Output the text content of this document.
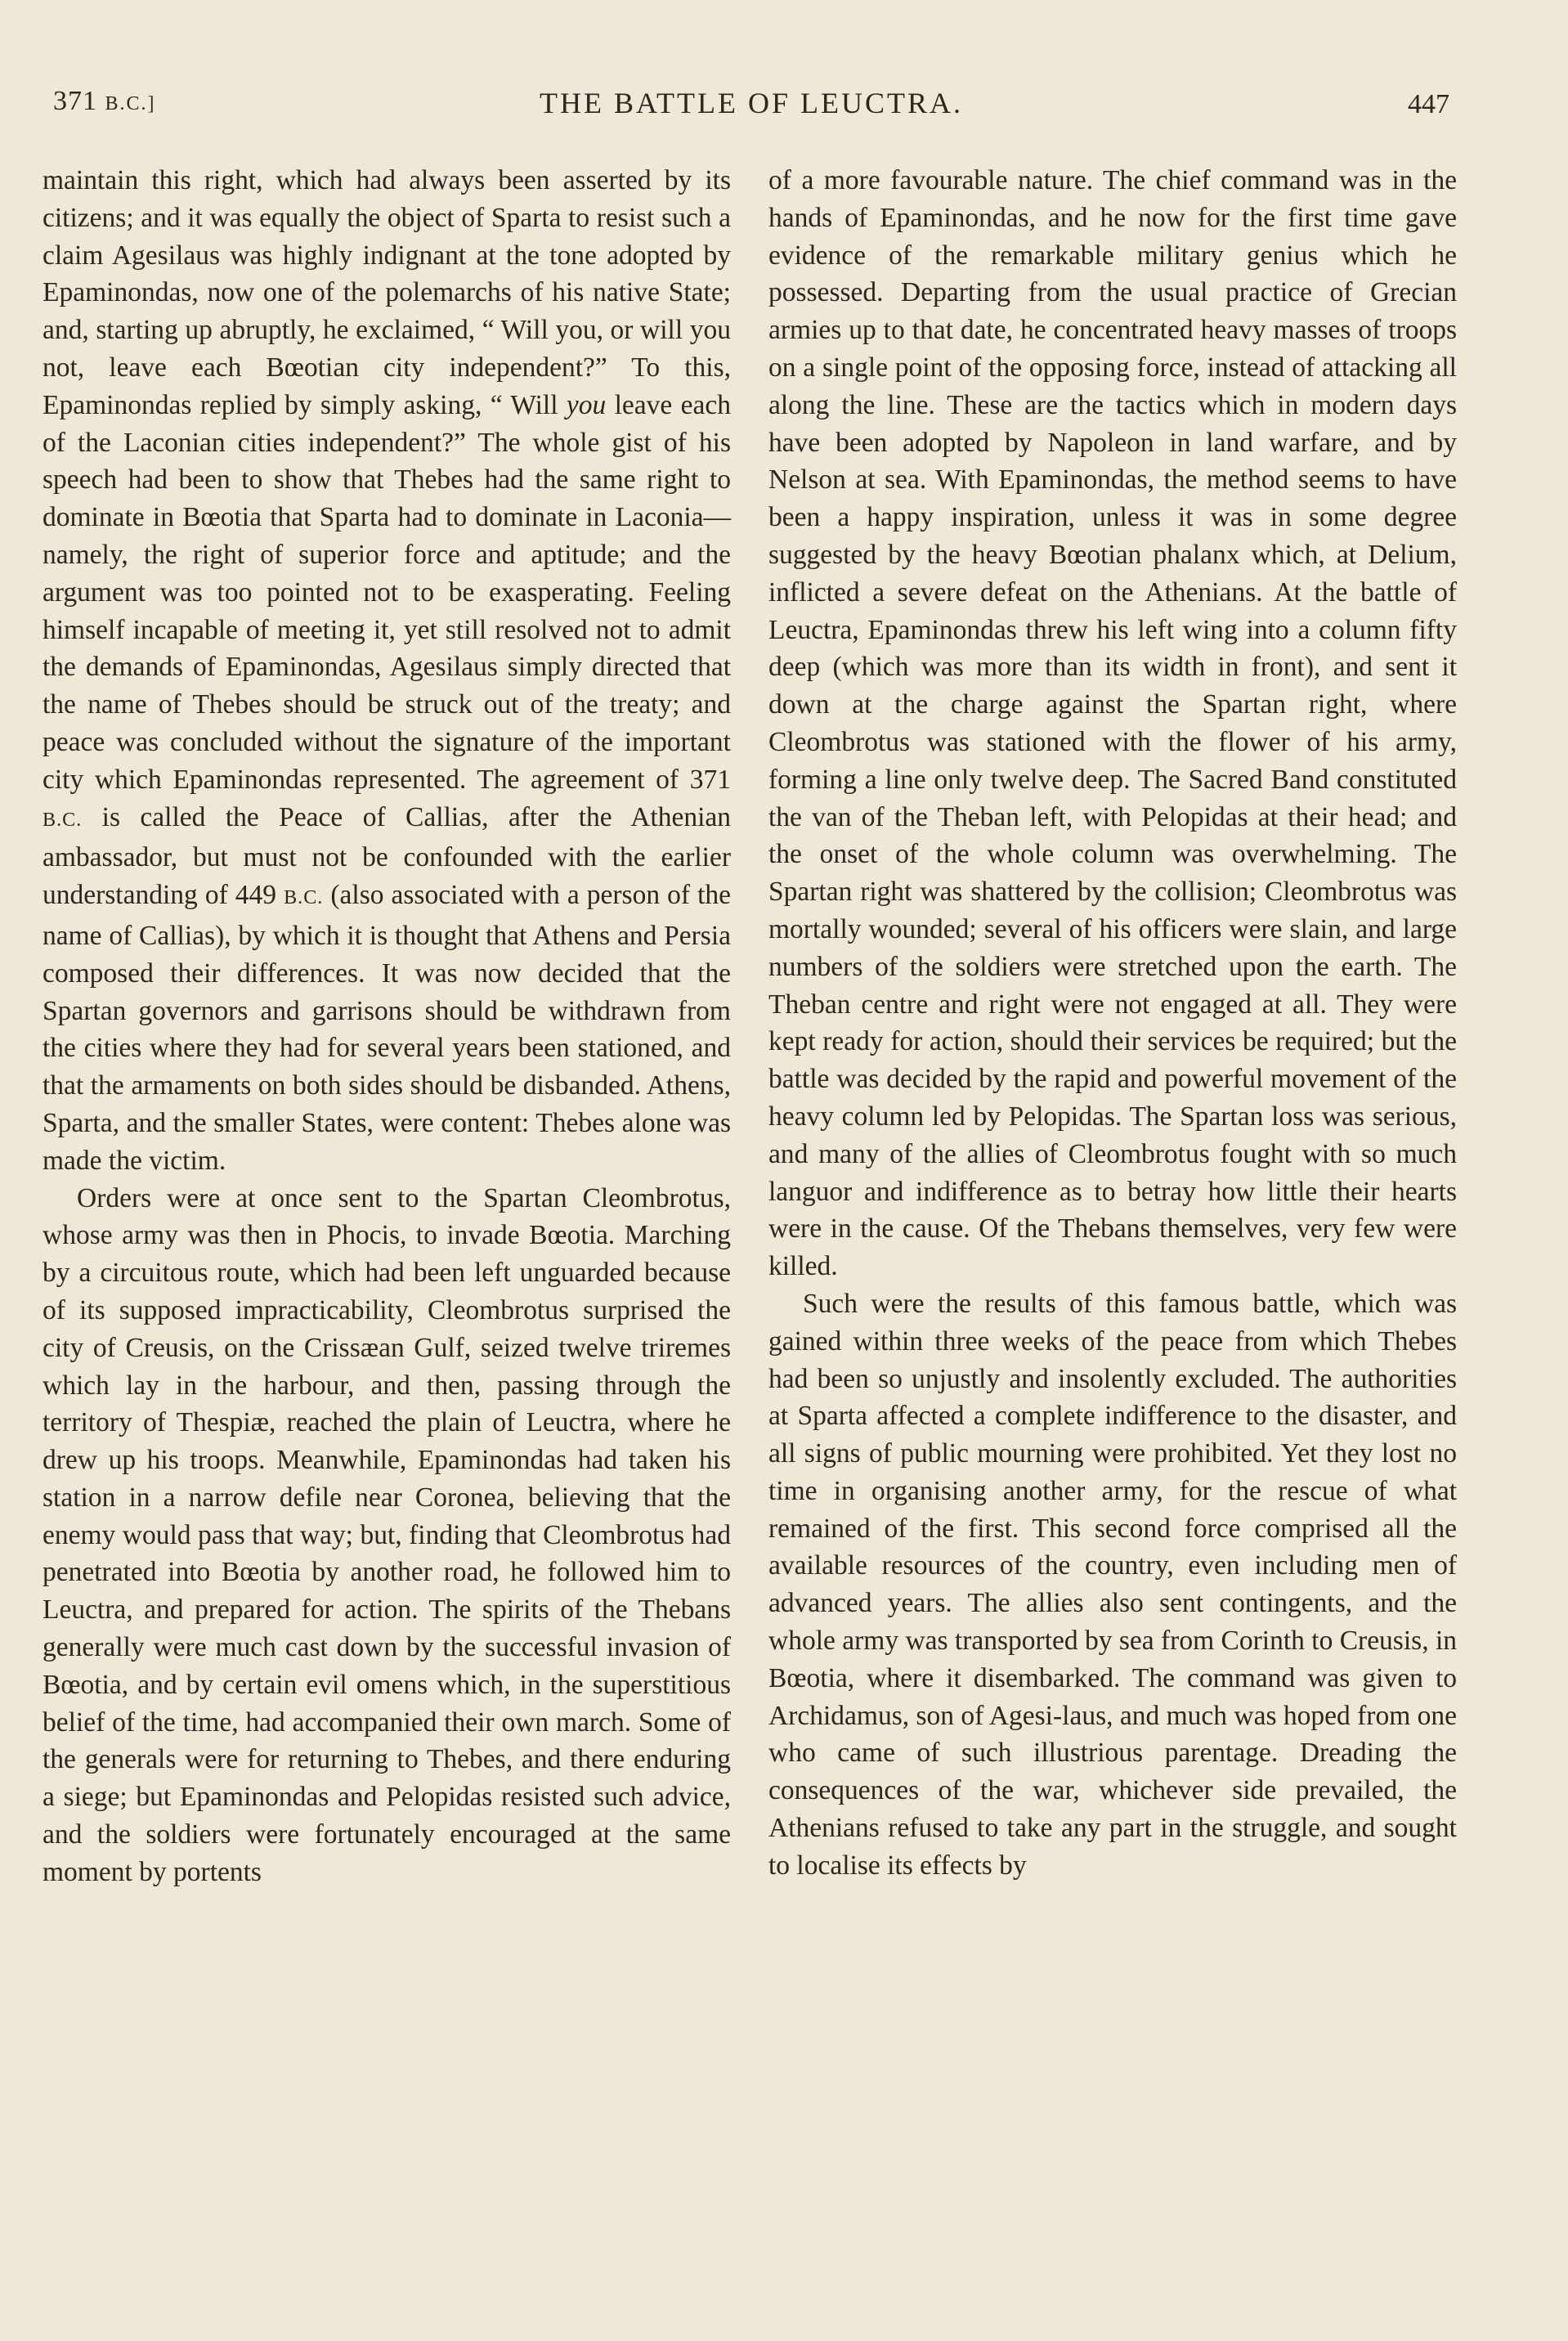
371 B.C.]	THE BATTLE OF LEUCTRA.	447

maintain this right, which had always been asserted by its citizens; and it was equally the object of Sparta to resist such a claim Agesilaus was highly indignant at the tone adopted by Epaminondas, now one of the polemarchs of his native State; and, starting up abruptly, he exclaimed, “ Will you, or will you not, leave each Bœotian city independent?” To this, Epaminondas replied by simply asking, “ Will you leave each of the Laconian cities independent?” The whole gist of his speech had been to show that Thebes had the same right to dominate in Bœotia that Sparta had to dominate in Laconia— namely, the right of superior force and aptitude; and the argument was too pointed not to be exasperating. Feeling himself incapable of meeting it, yet still resolved not to admit the demands of Epaminondas, Agesilaus simply directed that the name of Thebes should be struck out of the treaty; and peace was concluded without the signature of the important city which Epaminondas represented. The agreement of 371 B.C. is called the Peace of Callias, after the Athenian ambassador, but must not be confounded with the earlier understanding of 449 B.C. (also associated with a person of the name of Callias), by which it is thought that Athens and Persia composed their differences. It was now decided that the Spartan governors and garrisons should be withdrawn from the cities where they had for several years been stationed, and that the armaments on both sides should be disbanded. Athens, Sparta, and the smaller States, were content: Thebes alone was made the victim.

Orders were at once sent to the Spartan Cleombrotus, whose army was then in Phocis, to invade Bœotia. Marching by a circuitous route, which had been left unguarded because of its supposed impracticability, Cleombrotus surprised the city of Creusis, on the Crissæan Gulf, seized twelve triremes which lay in the harbour, and then, passing through the territory of Thespiæ, reached the plain of Leuctra, where he drew up his troops. Meanwhile, Epaminondas had taken his station in a narrow defile near Coronea, believing that the enemy would pass that way; but, finding that Cleombrotus had penetrated into Bœotia by another road, he followed him to Leuctra, and prepared for action. The spirits of the Thebans generally were much cast down by the successful invasion of Bœotia, and by certain evil omens which, in the superstitious belief of the time, had accompanied their own march. Some of the generals were for returning to Thebes, and there enduring a siege; but Epaminondas and Pelopidas resisted such advice, and the soldiers were fortunately encouraged at the same moment by portents

of a more favourable nature. The chief command was in the hands of Epaminondas, and he now for the first time gave evidence of the remarkable military genius which he possessed. Departing from the usual practice of Grecian armies up to that date, he concentrated heavy masses of troops on a single point of the opposing force, instead of attacking all along the line. These are the tactics which in modern days have been adopted by Napoleon in land warfare, and by Nelson at sea. With Epaminondas, the method seems to have been a happy inspiration, unless it was in some degree suggested by the heavy Bœotian phalanx which, at Delium, inflicted a severe defeat on the Athenians. At the battle of Leuctra, Epaminondas threw his left wing into a column fifty deep (which was more than its width in front), and sent it down at the charge against the Spartan right, where Cleombrotus was stationed with the flower of his army, forming a line only twelve deep. The Sacred Band constituted the van of the Theban left, with Pelopidas at their head; and the onset of the whole column was overwhelming. The Spartan right was shattered by the collision; Cleombrotus was mortally wounded; several of his officers were slain, and large numbers of the soldiers were stretched upon the earth. The Theban centre and right were not engaged at all. They were kept ready for action, should their services be required; but the battle was decided by the rapid and powerful movement of the heavy column led by Pelopidas. The Spartan loss was serious, and many of the allies of Cleombrotus fought with so much languor and indifference as to betray how little their hearts were in the cause. Of the Thebans themselves, very few were killed.

Such were the results of this famous battle, which was gained within three weeks of the peace from which Thebes had been so unjustly and insolently excluded. The authorities at Sparta affected a complete indifference to the disaster, and all signs of public mourning were prohibited. Yet they lost no time in organising another army, for the rescue of what remained of the first. This second force comprised all the available resources of the country, even including men of advanced years. The allies also sent contingents, and the whole army was transported by sea from Corinth to Creusis, in Bœotia, where it disembarked. The command was given to Archidamus, son of Agesi-laus, and much was hoped from one who came of such illustrious parentage. Dreading the consequences of the war, whichever side prevailed, the Athenians refused to take any part in the struggle, and sought to localise its effects by
